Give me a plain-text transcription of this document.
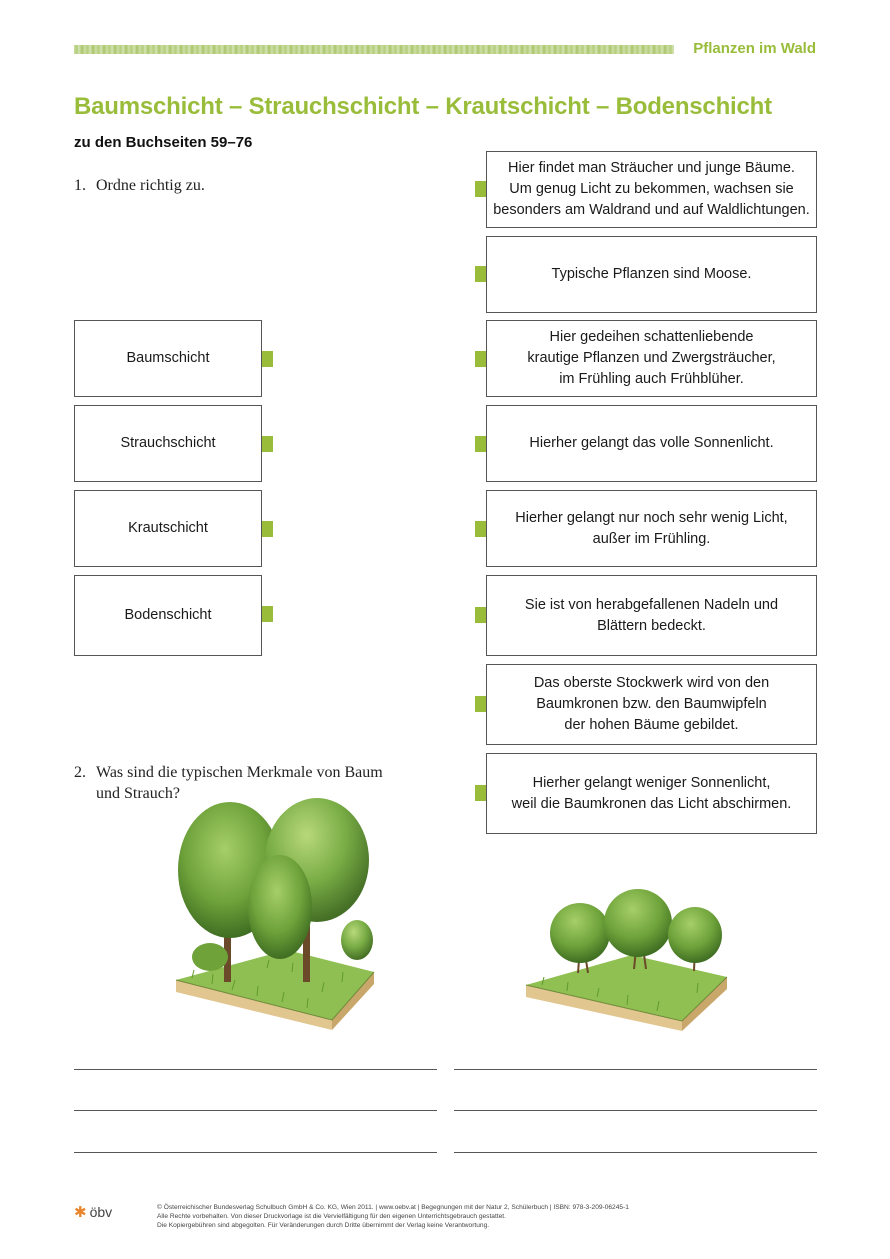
Pflanzen im Wald
Baumschicht – Strauchschicht – Krautschicht – Bodenschicht
zu den Buchseiten 59–76
1. Ordne richtig zu.
Baumschicht
Strauchschicht
Krautschicht
Bodenschicht
Hier findet man Sträucher und junge Bäume.
Um genug Licht zu bekommen, wachsen sie
besonders am Waldrand und auf Waldlichtungen.
Typische Pflanzen sind Moose.
Hier gedeihen schattenliebende
krautige Pflanzen und Zwergsträucher,
im Frühling auch Frühblüher.
Hierher gelangt das volle Sonnenlicht.
Hierher gelangt nur noch sehr wenig Licht,
außer im Frühling.
Sie ist von herabgefallenen Nadeln und
Blättern bedeckt.
Das oberste Stockwerk wird von den
Baumkronen bzw. den Baumwipfeln
der hohen Bäume gebildet.
Hierher gelangt weniger Sonnenlicht,
weil die Baumkronen das Licht abschirmen.
2. Was sind die typischen Merkmale von Baum
und Strauch?
✱ öbv	© Österreichischer Bundesverlag Schulbuch GmbH & Co. KG, Wien 2011. | www.oebv.at | Begegnungen mit der Natur 2, Schülerbuch | ISBN: 978-3-209-06245-1
Alle Rechte vorbehalten. Von dieser Druckvorlage ist die Vervielfältigung für den eigenen Unterrichtsgebrauch gestattet.
Die Kopiergebühren sind abgegolten. Für Veränderungen durch Dritte übernimmt der Verlag keine Verantwortung.
